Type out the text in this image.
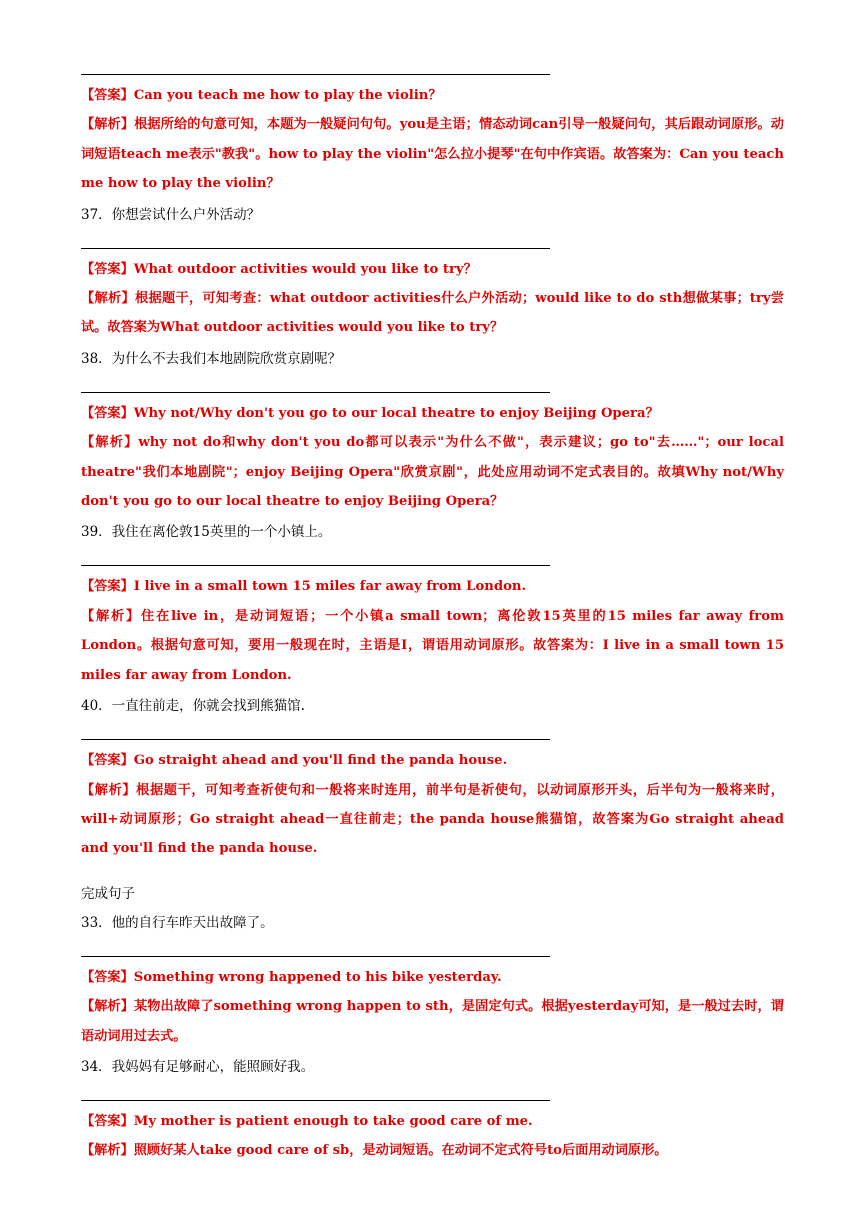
【答案】Can you teach me how to play the violin？
【解析】根据所给的句意可知，本题为一般疑问句句。you是主语；情态动词can引导一般疑问句，其后跟动词原形。动词短语teach me表示"教我"。how to play the violin"怎么拉小提琴"在句中作宾语。故答案为：Can you teach me how to play the violin？
37．你想尝试什么户外活动？
【答案】What outdoor activities would you like to try？
【解析】根据题干，可知考查：what outdoor activities什么户外活动；would like to do sth想做某事；try尝试。故答案为What outdoor activities would you like to try？
38．为什么不去我们本地剧院欣赏京剧呢？
【答案】Why not/Why don't you go to our local theatre to enjoy Beijing Opera？
【解析】why not do和why don't you do都可以表示"为什么不做"，表示建议；go to"去……"；our local theatre"我们本地剧院"；enjoy Beijing Opera"欣赏京剧"，此处应用动词不定式表目的。故填Why not/Why don't you go to our local theatre to enjoy Beijing Opera？
39．我住在离伦敦15英里的一个小镇上。
【答案】I live in a small town 15 miles far away from London.
【解析】住在live in，是动词短语；一个小镇a small town；离伦敦15英里的15 miles far away from London。根据句意可知，要用一般现在时，主语是I，谓语用动词原形。故答案为：I live in a small town 15 miles far away from London.
40．一直往前走，你就会找到熊猫馆.
【答案】Go straight ahead and you'll find the panda house.
【解析】根据题干，可知考查祈使句和一般将来时连用，前半句是祈使句，以动词原形开头，后半句为一般将来时，will+动词原形；Go straight ahead一直往前走；the panda house熊猫馆，故答案为Go straight ahead and you'll find the panda house.
完成句子
33．他的自行车昨天出故障了。
【答案】Something wrong happened to his bike yesterday.
【解析】某物出故障了something wrong happen to sth，是固定句式。根据yesterday可知，是一般过去时，谓语动词用过去式。
34．我妈妈有足够耐心，能照顾好我。
【答案】My mother is patient enough to take good care of me.
【解析】照顾好某人take good care of sb，是动词短语。在动词不定式符号to后面用动词原形。
